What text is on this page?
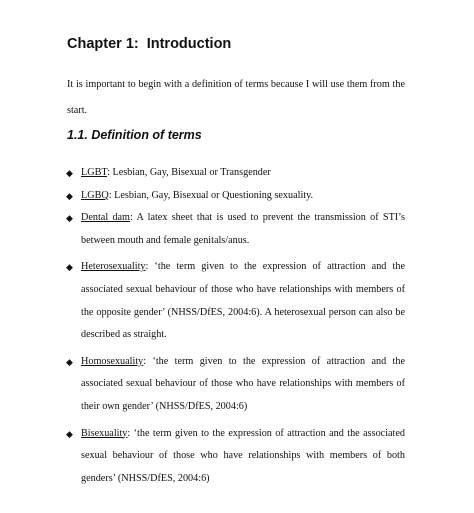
Chapter 1: Introduction

It is important to begin with a definition of terms because I will use them from the start.

1.1. Definition of terms
◆ LGBT: Lesbian, Gay, Bisexual or Transgender
◆ LGBQ: Lesbian, Gay, Bisexual or Questioning sexuality.
◆ Dental dam: A latex sheet that is used to prevent the transmission of STI’s between mouth and female genitals/anus.
◆ Heterosexuality: ‘the term given to the expression of attraction and the associated sexual behaviour of those who have relationships with members of the opposite gender’ (NHSS/DfES, 2004:6). A heterosexual person can also be described as straight.
◆ Homosexuality: ‘the term given to the expression of attraction and the associated sexual behaviour of those who have relationships with members of their own gender’ (NHSS/DfES, 2004:6)
◆ Bisexuality: ‘the term given to the expression of attraction and the associated sexual behaviour of those who have relationships with members of both genders’ (NHSS/DfES, 2004:6)
